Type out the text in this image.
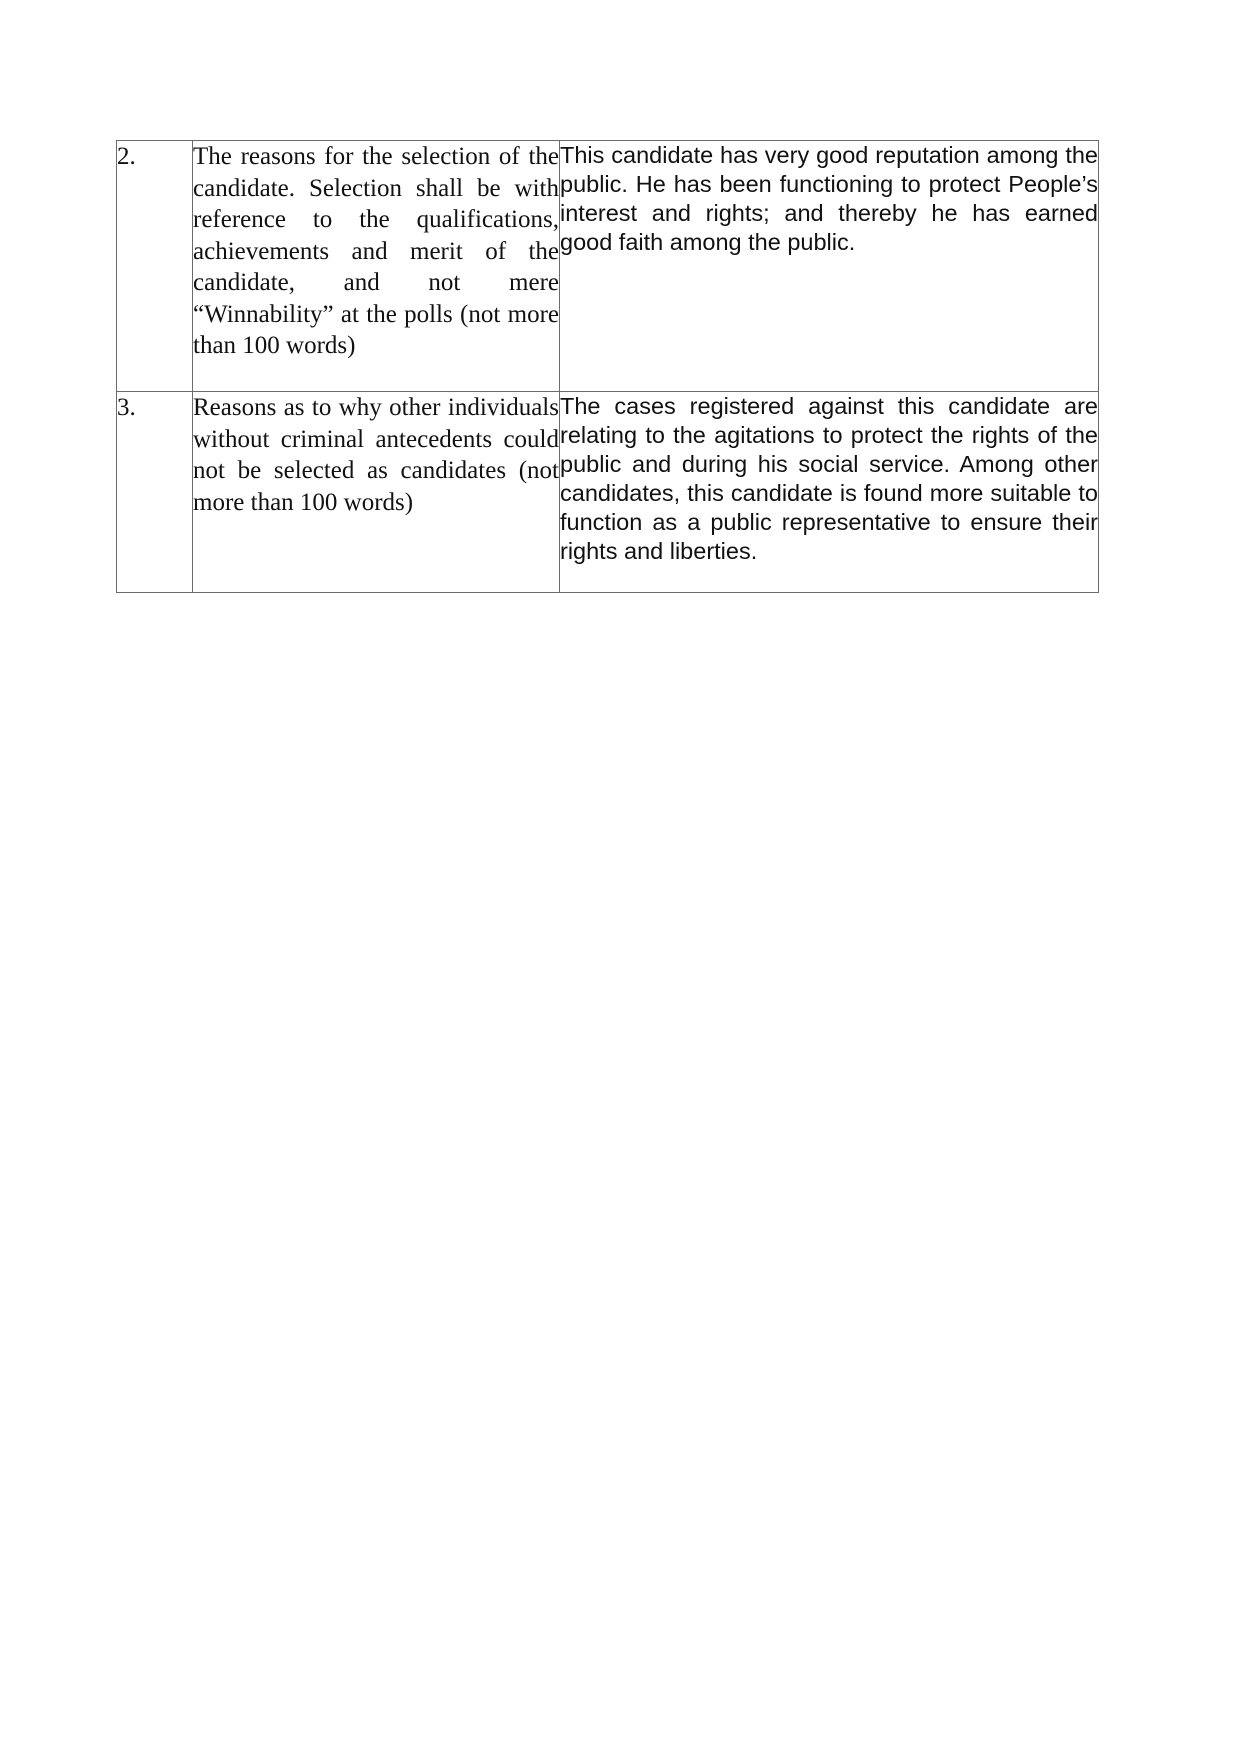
2.	The reasons for the selection of the candidate. Selection shall be with reference to the qualifications, achievements and merit of the candidate, and not mere “Winnability” at the polls (not more than 100 words)	This candidate has very good reputation among the public. He has been functioning to protect People’s interest and rights; and thereby he has earned good faith among the public.
3.	Reasons as to why other individuals without criminal antecedents could not be selected as candidates (not more than 100 words)	The cases registered against this candidate are relating to the agitations to protect the rights of the public and during his social service. Among other candidates, this candidate is found more suitable to function as a public representative to ensure their rights and liberties.
